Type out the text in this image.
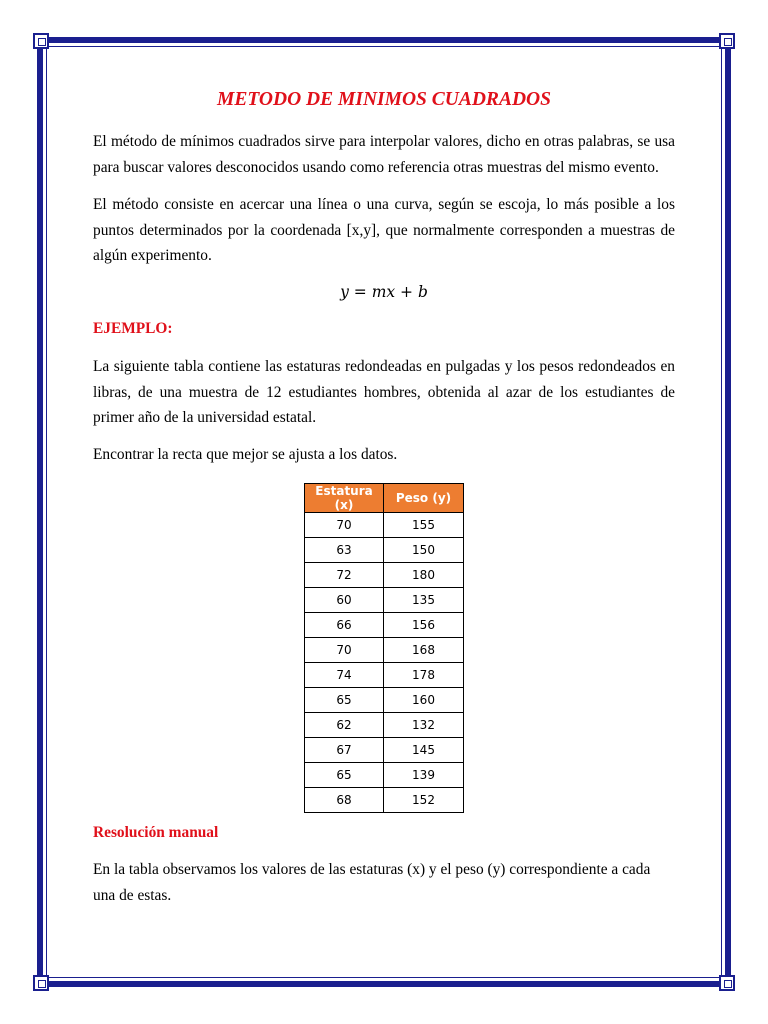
METODO DE MINIMOS CUADRADOS

El método de mínimos cuadrados sirve para interpolar valores, dicho en otras palabras, se usa para buscar valores desconocidos usando como referencia otras muestras del mismo evento.

El método consiste en acercar una línea o una curva, según se escoja, lo más posible a los puntos determinados por la coordenada [x,y], que normalmente corresponden a muestras de algún experimento.

y = mx + b

EJEMPLO:

La siguiente tabla contiene las estaturas redondeadas en pulgadas y los pesos redondeados en libras, de una muestra de 12 estudiantes hombres, obtenida al azar de los estudiantes de primer año de la universidad estatal.

Encontrar la recta que mejor se ajusta a los datos.

Resolución manual

En la tabla observamos los valores de las estaturas (x) y el peso (y) correspondiente a cada una de estas.

Estatura (x)	Peso (y)
70	155
63	150
72	180
60	135
66	156
70	168
74	178
65	160
62	132
67	145
65	139
68	152
